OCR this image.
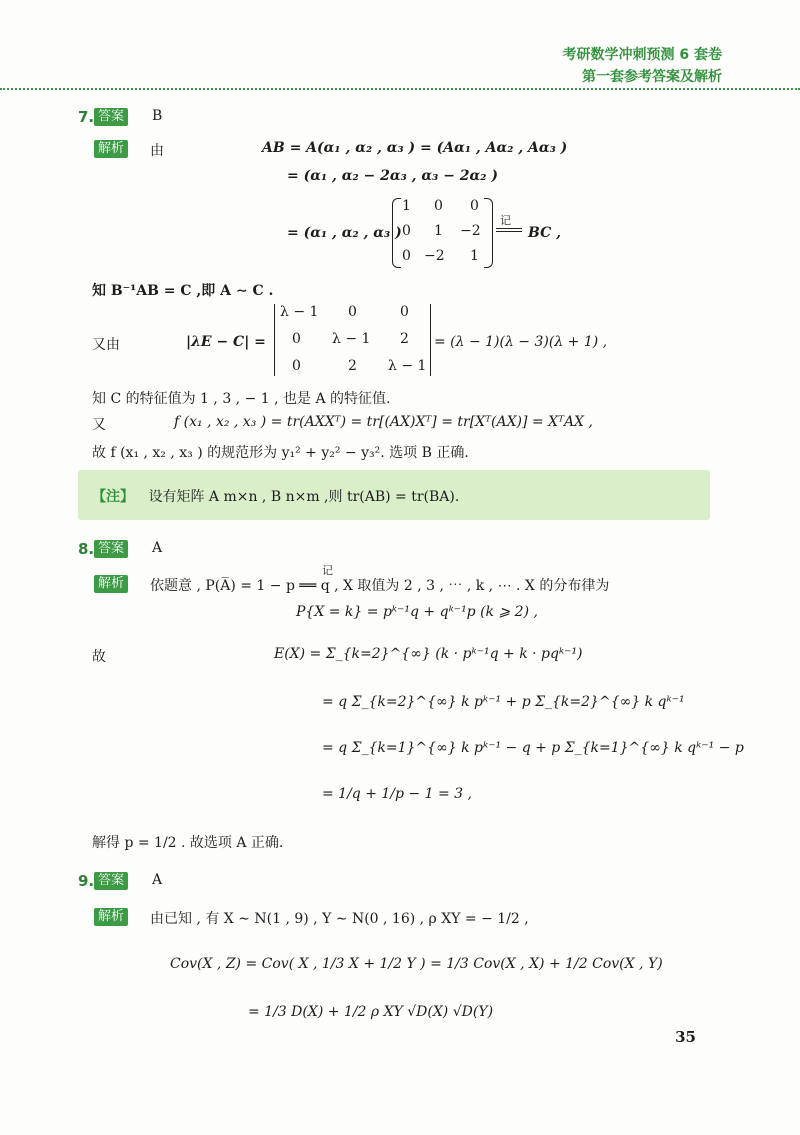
考研数学冲刺预测 6 套卷
第一套参考答案及解析
7. 答案 B
解析 由	AB = A(α₁ , α₂ , α₃ ) = (Aα₁ , Aα₂ , Aα₃ )
= (α₁ , α₂ − 2α₃ , α₃ − 2α₂ )
= (α₁ , α₂ , α₃ )
1 0 0
0 1 −2
0 −2 1
记
BC ,
知 B⁻¹AB = C ,即 A ∼ C .
又由	|λE − C| =
λ − 1 0	0
0 λ − 1 2
0	2 λ − 1
= (λ − 1)(λ − 3)(λ + 1) ,
知 C 的特征值为 1 , 3 , − 1 , 也是 A 的特征值.
又	f (x₁ , x₂ , x₃ ) = tr(AXXᵀ) = tr[(AX)Xᵀ] = tr[Xᵀ(AX)] = XᵀAX ,
故 f (x₁ , x₂ , x₃ ) 的规范形为 y₁² + y₂² − y₃². 选项 B 正确.
【注】 设有矩阵 A m×n , B n×m ,则 tr(AB) = tr(BA).
8. 答案 A
解析 依题意 , P(A̅) = 1 − p ══ q , X 取值为 2 , 3 , ⋯ , k , ⋯ . X 的分布律为
记
P{X = k} = pᵏ⁻¹q + qᵏ⁻¹p (k ⩾ 2) ,
故	E(X) = Σ_{k=2}^{∞} (k · pᵏ⁻¹q + k · pqᵏ⁻¹)
= q Σ_{k=2}^{∞} k pᵏ⁻¹ + p Σ_{k=2}^{∞} k qᵏ⁻¹
= q Σ_{k=1}^{∞} k pᵏ⁻¹ − q + p Σ_{k=1}^{∞} k qᵏ⁻¹ − p
= 1/q + 1/p − 1 = 3 ,
解得 p = 1/2 . 故选项 A 正确.
9. 答案 A
解析 由已知 , 有 X ∼ N(1 , 9) , Y ∼ N(0 , 16) , ρ XY = − 1/2 ,
Cov(X , Z) = Cov( X , 1/3 X + 1/2 Y ) = 1/3 Cov(X , X) + 1/2 Cov(X , Y)
= 1/3 D(X) + 1/2 ρ XY √D(X) √D(Y)
35
